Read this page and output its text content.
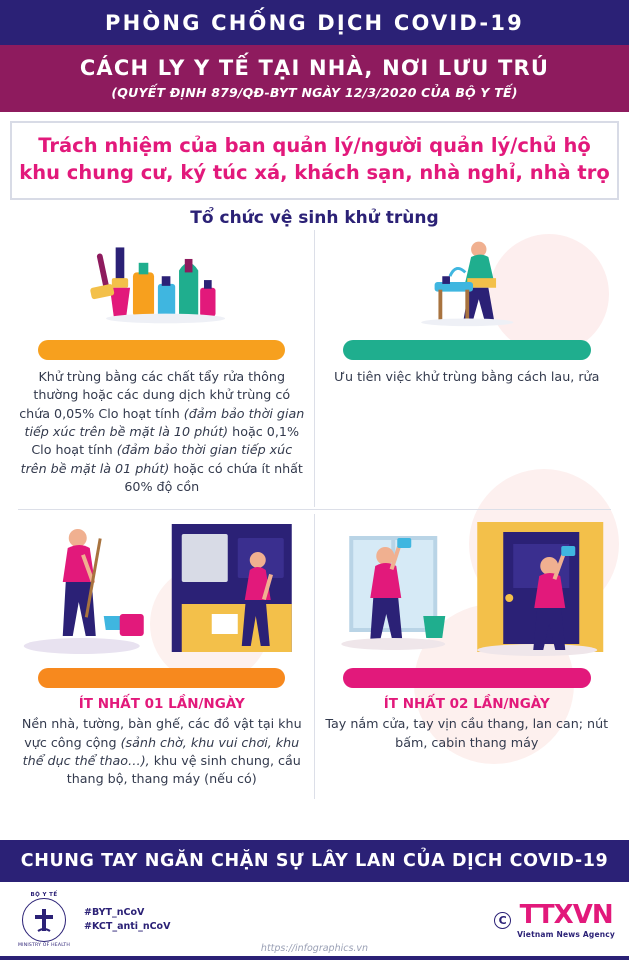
PHÒNG CHỐNG DỊCH COVID-19
CÁCH LY Y TẾ TẠI NHÀ, NƠI LƯU TRÚ
(QUYẾT ĐỊNH 879/QĐ-BYT NGÀY 12/3/2020 CỦA BỘ Y TẾ)
Trách nhiệm của ban quản lý/người quản lý/chủ hộ
khu chung cư, ký túc xá, khách sạn, nhà nghỉ, nhà trọ
Tổ chức vệ sinh khử trùng
Khử trùng bằng các chất tẩy rửa thông thường hoặc các dung dịch khử trùng có chứa 0,05% Clo hoạt tính (đảm bảo thời gian tiếp xúc trên bề mặt là 10 phút) hoặc 0,1% Clo hoạt tính (đảm bảo thời gian tiếp xúc trên bề mặt là 01 phút) hoặc có chứa ít nhất 60% độ cồn
Ưu tiên việc khử trùng bằng cách lau, rửa
ÍT NHẤT 01 LẦN/NGÀY
Nền nhà, tường, bàn ghế, các đồ vật tại khu vực công cộng (sảnh chờ, khu vui chơi, khu thể dục thể thao…), khu vệ sinh chung, cầu thang bộ, thang máy (nếu có)
ÍT NHẤT 02 LẦN/NGÀY
Tay nắm cửa, tay vịn cầu thang, lan can; nút bấm, cabin thang máy
CHUNG TAY NGĂN CHẶN SỰ LÂY LAN CỦA DỊCH COVID-19
BỘ Y TẾ
MINISTRY OF HEALTH
#BYT_nCoV
#KCT_anti_nCoV	C TTXVN
Vietnam News Agency
https://infographics.vn
